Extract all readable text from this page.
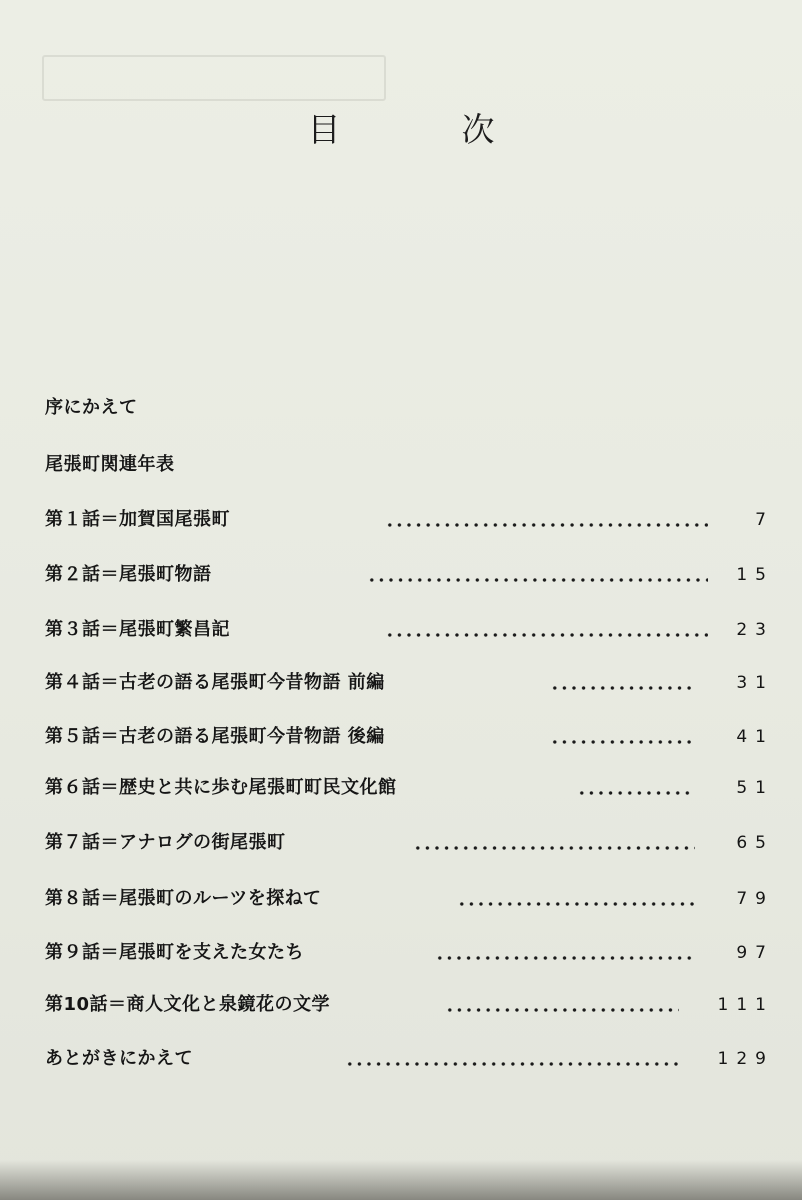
目　次
序にかえて
尾張町関連年表
第１話＝加賀国尾張町	7
第２話＝尾張町物語	15
第３話＝尾張町繁昌記	23
第４話＝古老の語る尾張町今昔物語 前編	31
第５話＝古老の語る尾張町今昔物語 後編	41
第６話＝歴史と共に歩む尾張町町民文化館	51
第７話＝アナログの街尾張町	65
第８話＝尾張町のルーツを探ねて	79
第９話＝尾張町を支えた女たち	97
第10話＝商人文化と泉鏡花の文学	111
あとがきにかえて	129
